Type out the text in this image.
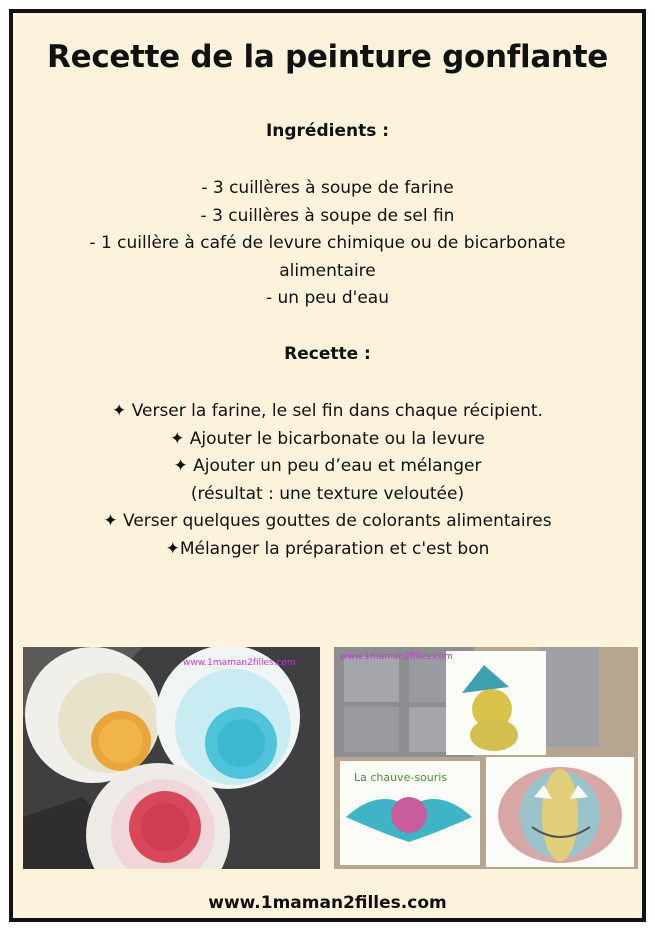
Recette de la peinture gonflante
Ingrédients :
- 3 cuillères à soupe de farine
- 3 cuillères à soupe de sel fin
- 1 cuillère à café de levure chimique ou de bicarbonate
alimentaire
- un peu d'eau
Recette :
✦ Verser la farine, le sel fin dans chaque récipient.
✦ Ajouter le bicarbonate ou la levure
✦ Ajouter un peu d’eau et mélanger
(résultat : une texture veloutée)
✦ Verser quelques gouttes de colorants alimentaires
✦Mélanger la préparation et c'est bon
www.1maman2filles.com
La chauve-souris
www.1maman2filles.com
www.1maman2filles.com
